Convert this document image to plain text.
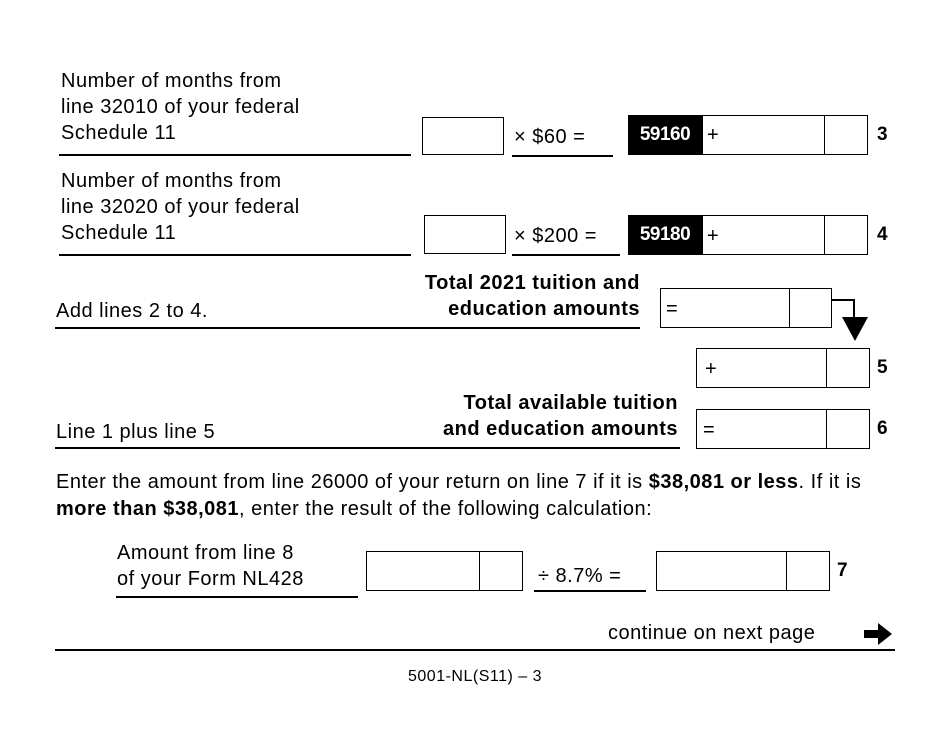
Number of months from
line 32010 of your federal
Schedule 11	× $60 =	59160 +	3
Number of months from
line 32020 of your federal
Schedule 11	× $200 =	59180 +	4
Add lines 2 to 4.
Total 2021 tuition and
education amounts =
+	5
Line 1 plus line 5
Total available tuition
and education amounts =	6
Enter the amount from line 26000 of your return on line 7 if it is $38,081 or less. If it is more than $38,081, enter the result of the following calculation:
Amount from line 8
of your Form NL428	÷ 8.7% =	7
continue on next page
5001-NL(S11) – 3
